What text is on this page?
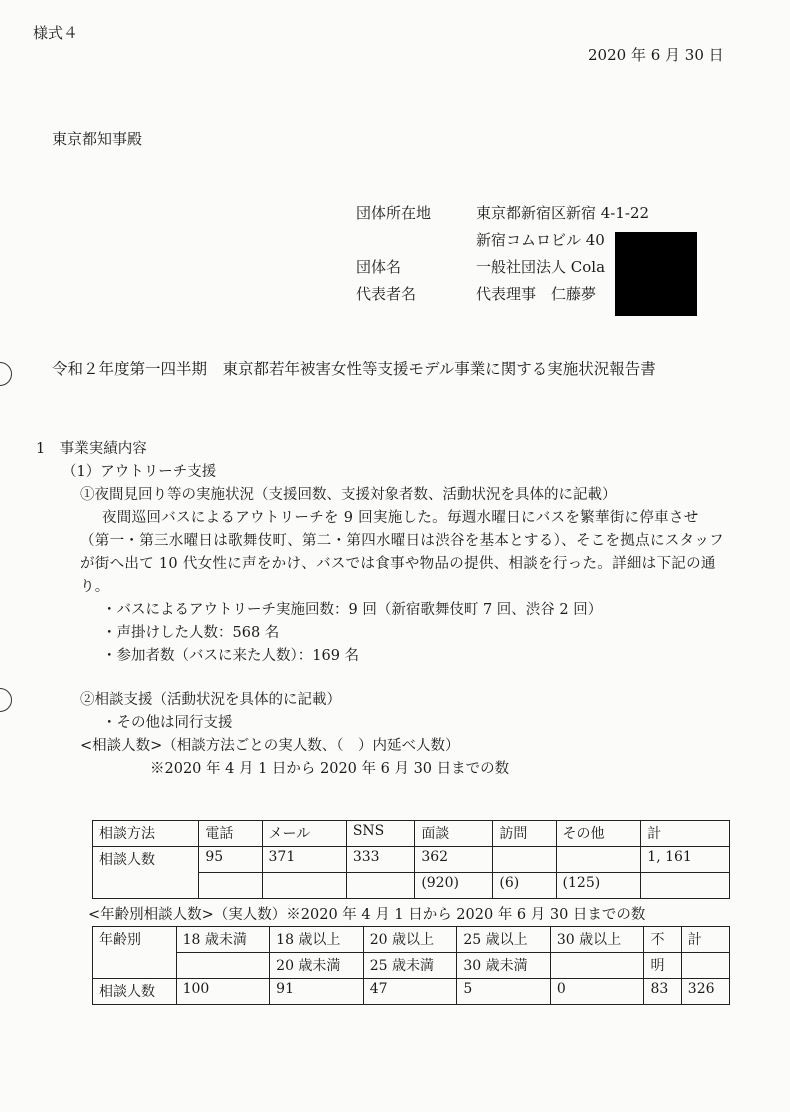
様式４
2020 年 6 月 30 日
東京都知事殿
団体所在地	東京都新宿区新宿 4-1-22
新宿コムロビル 40
団体名	一般社団法人 Cola
代表者名	代表理事　仁藤夢
令和２年度第一四半期　東京都若年被害女性等支援モデル事業に関する実施状況報告書
1　事業実績内容
（1）アウトリーチ支援
①夜間見回り等の実施状況（支援回数、支援対象者数、活動状況を具体的に記載）
夜間巡回バスによるアウトリーチを 9 回実施した。毎週水曜日にバスを繁華街に停車させ（第一・第三水曜日は歌舞伎町、第二・第四水曜日は渋谷を基本とする）、そこを拠点にスタッフが街へ出て 10 代女性に声をかけ、バスでは食事や物品の提供、相談を行った。詳細は下記の通り。
・バスによるアウトリーチ実施回数：9 回（新宿歌舞伎町 7 回、渋谷 2 回）
・声掛けした人数：568 名
・参加者数（バスに来た人数）：169 名
②相談支援（活動状況を具体的に記載）
・その他は同行支援
<相談人数>（相談方法ごとの実人数、（　）内延べ人数）
※2020 年 4 月 1 日から 2020 年 6 月 30 日までの数
相談方法	電話	メール	SNS	面談	訪問	その他	計
相談人数	95	371	333	362			1, 161
				(920)	(6)	(125)	
<年齢別相談人数>（実人数）※2020 年 4 月 1 日から 2020 年 6 月 30 日までの数
年齢別	18 歳未満	18 歳以上	20 歳以上	25 歳以上	30 歳以上	不	計
		20 歳未満	25 歳未満	30 歳未満		明	
相談人数	100	91	47	5	0	83	326
